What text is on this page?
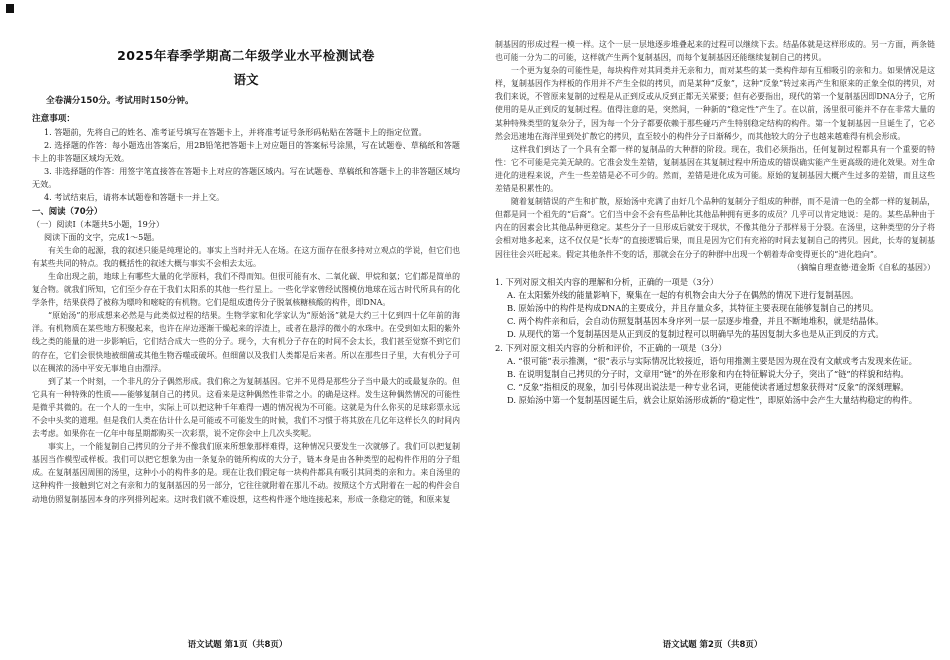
2025年春季学期高二年级学业水平检测试卷
语文
全卷满分150分。考试用时150分钟。
注意事项：

1. 答题前，先将自己的姓名、准考证号填写在答题卡上，并将准考证号条形码粘贴在答题卡上的指定位置。

2. 选择题的作答：每小题选出答案后，用2B铅笔把答题卡上对应题目的答案标号涂黑，写在试题卷、草稿纸和答题卡上的非答题区域均无效。

3. 非选择题的作答：用签字笔直接答在答题卡上对应的答题区域内。写在试题卷、草稿纸和答题卡上的非答题区域均无效。

4. 考试结束后，请将本试题卷和答题卡一并上交。

一、阅读（70分）
（一）阅读Ⅰ（本题共5小题，19分）

阅读下面的文字，完成1～5题。

有关生命的起源，我的叙述只能是纯理论的。事实上当时并无人在场。在这方面存在很多持对立观点的学说，但它们也有某些共同的特点。我的概括性的叙述大概与事实不会相去太远。

生命出现之前，地球上有哪些大量的化学原料，我们不得而知。但很可能有水、二氧化碳、甲烷和氨；它们都是简单的复合物。就我们所知，它们至少存在于我们太阳系的其他一些行星上。一些化学家曾经试图模仿地球在远古时代所具有的化学条件，结果获得了被称为嘌呤和嘧啶的有机物。它们是组成遗传分子脱氧核糖核酸的构件，即DNA。

“原始汤”的形成想来必然是与此类似过程的结果。生物学家和化学家认为“原始汤”就是大约三十亿到四十亿年前的海洋。有机物质在某些地方积聚起来，也许在岸边逐渐干燥起来的浮渣上，或者在悬浮的微小的水珠中。在受到如太阳的紫外线之类的能量的进一步影响后，它们结合成大一些的分子。现今，大有机分子存在的时间不会太长，我们甚至觉察不到它们的存在，它们会很快地被细菌或其他生物吞噬或破坏。但细菌以及我们人类都是后来者。所以在那些日子里，大有机分子可以在稠浓的汤中平安无事地自由漂浮。

到了某一个时刻，一个非凡的分子偶然形成。我们称之为复制基因。它并不见得是那些分子当中最大的或最复杂的。但它具有一种特殊的性质——能够复制自己的拷贝。这看来是这种偶然性非常之小。的确是这样。发生这种偶然情况的可能性是微乎其微的。在一个人的一生中，实际上可以把这种千年难得一遇的情况视为不可能。这就是为什么你买的足球彩票永远不会中头奖的道理。但是我们人类在估计什么是可能或不可能发生的时候，我们不习惯于将其放在几亿年这样长久的时间内去考虑。如果你在一亿年中每星期都购买一次彩票，说不定你会中上几次头奖呢。

事实上，一个能复制自己拷贝的分子并不像我们原来所想象那样难得，这种情况只要发生一次就够了。我们可以把复制基因当作模型或样板。我们可以把它想象为由一条复杂的链所构成的大分子，链本身是由各种类型的起构件作用的分子组成。在复制基因周围的汤里，这种小小的构件多的是。现在让我们假定每一块构件都具有吸引其同类的亲和力。来自汤里的这种构件一接触到它对之有亲和力的复制基因的另一部分，它往往就附着在那儿不动。按照这个方式附着在一起的构件会自动地仿照复制基因本身的序列排列起来。这时我们就不难设想，这些构件逐个地连接起来，形成一条稳定的链，和原来复

语文试题 第1页（共8页）

制基因的形成过程一模一样。这个一层一层地逐步堆叠起来的过程可以继续下去。结晶体就是这样形成的。另一方面，两条链也可能一分为二的可能，这样就产生两个复制基因，而每个复制基因还能继续复制自己的拷贝。

一个更为复杂的可能性是，每块构件对其同类并无亲和力，而对某些的某一类构件却有互相吸引的亲和力。如果情况是这样，复制基因作为样板的作用并不产生全似的拷贝，而是某种“反象”，这种“反象”转过来再产生和原来的正象全似的拷贝，对我们来说，不管原来复制的过程是从正到反或从反到正都无关紧要；但有必要指出，现代的第一个复制基因即DNA分子，它所使用的是从正到反的复制过程。值得注意的是，突然间，一种新的“稳定性”产生了。在以前，汤里很可能并不存在非常大量的某种特殊类型的复杂分子，因为每一个分子都要依赖于那些碰巧产生特别稳定结构的构件。第一个复制基因一旦诞生了，它必然会迅速地在海洋里到处扩散它的拷贝，直至较小的构件分子日渐稀少，而其他较大的分子也越来越难得有机会形成。

这样我们到达了一个具有全都一样的复制品的大种群的阶段。现在，我们必须指出，任何复制过程都具有一个重要的特性：它不可能是完美无缺的。它准会发生差错，复制基因在其复制过程中所造成的错误确实能产生更高级的进化效果。对生命进化的进程来说，产生一些差错是必不可少的。然而，差错是进化成为可能。原始的复制基因大概产生过多的差错，而且这些差错是积累性的。

随着复制错误的产生和扩散，原始汤中充满了由好几个品种的复制分子组成的种群，而不是清一色的全都一样的复制品，但都是同一个祖先的“后裔”。它们当中会不会有些品种比其他品种拥有更多的成员？几乎可以肯定地说：是的。某些品种由于内在的因素会比其他品种更稳定。某些分子一旦形成后就安于现状，不像其他分子那样易于分裂。在汤里，这种类型的分子将会相对地多起来，这不仅仅是“长寿”的直接逻辑后果，而且是因为它们有充裕的时间去复制自己的拷贝。因此，长寿的复制基因往往会兴旺起来。假定其他条件不变的话，那就会在分子的种群中出现一个朝着寿命变得更长的“进化趋向”。

（摘编自理查德·道金斯《自私的基因》）

1. 下列对原文相关内容的理解和分析，正确的一项是（3分）

A. 在太阳紫外线的能量影响下，聚集在一起的有机物会由大分子在偶然的情况下进行复制基因。

B. 原始汤中的构件是构成DNA的主要成分，并且存量众多，其特征主要表现在能够复制自己的拷贝。

C. 两个构件亲和后，会自动仿照复制基因本身序列一层一层逐步堆叠，并且不断地堆积，就是结晶体。

D. 从现代的第一个复制基因是从正到反的复制过程可以明确早先的基因复制大多也是从正到反的方式。

2. 下列对原文相关内容的分析和评价，不正确的一项是（3分）

A. “很可能”表示推测，“很”表示与实际情况比较接近，语句用推测主要是因为现在没有文献或考古发现来佐证。

B. 在说明复制自己拷贝的分子时，文章用“链”的外在形象和内在特征解说大分子，突出了“链”的样貌和结构。

C. “反象”指相反的现象，加引号体现出说法是一种专业名词，更能使读者通过想象获得对“反象”的深刻理解。

D. 原始汤中第一个复制基因诞生后，就会让原始汤形成新的“稳定性”，即原始汤中会产生大量结构稳定的构件。

语文试题 第2页（共8页）
